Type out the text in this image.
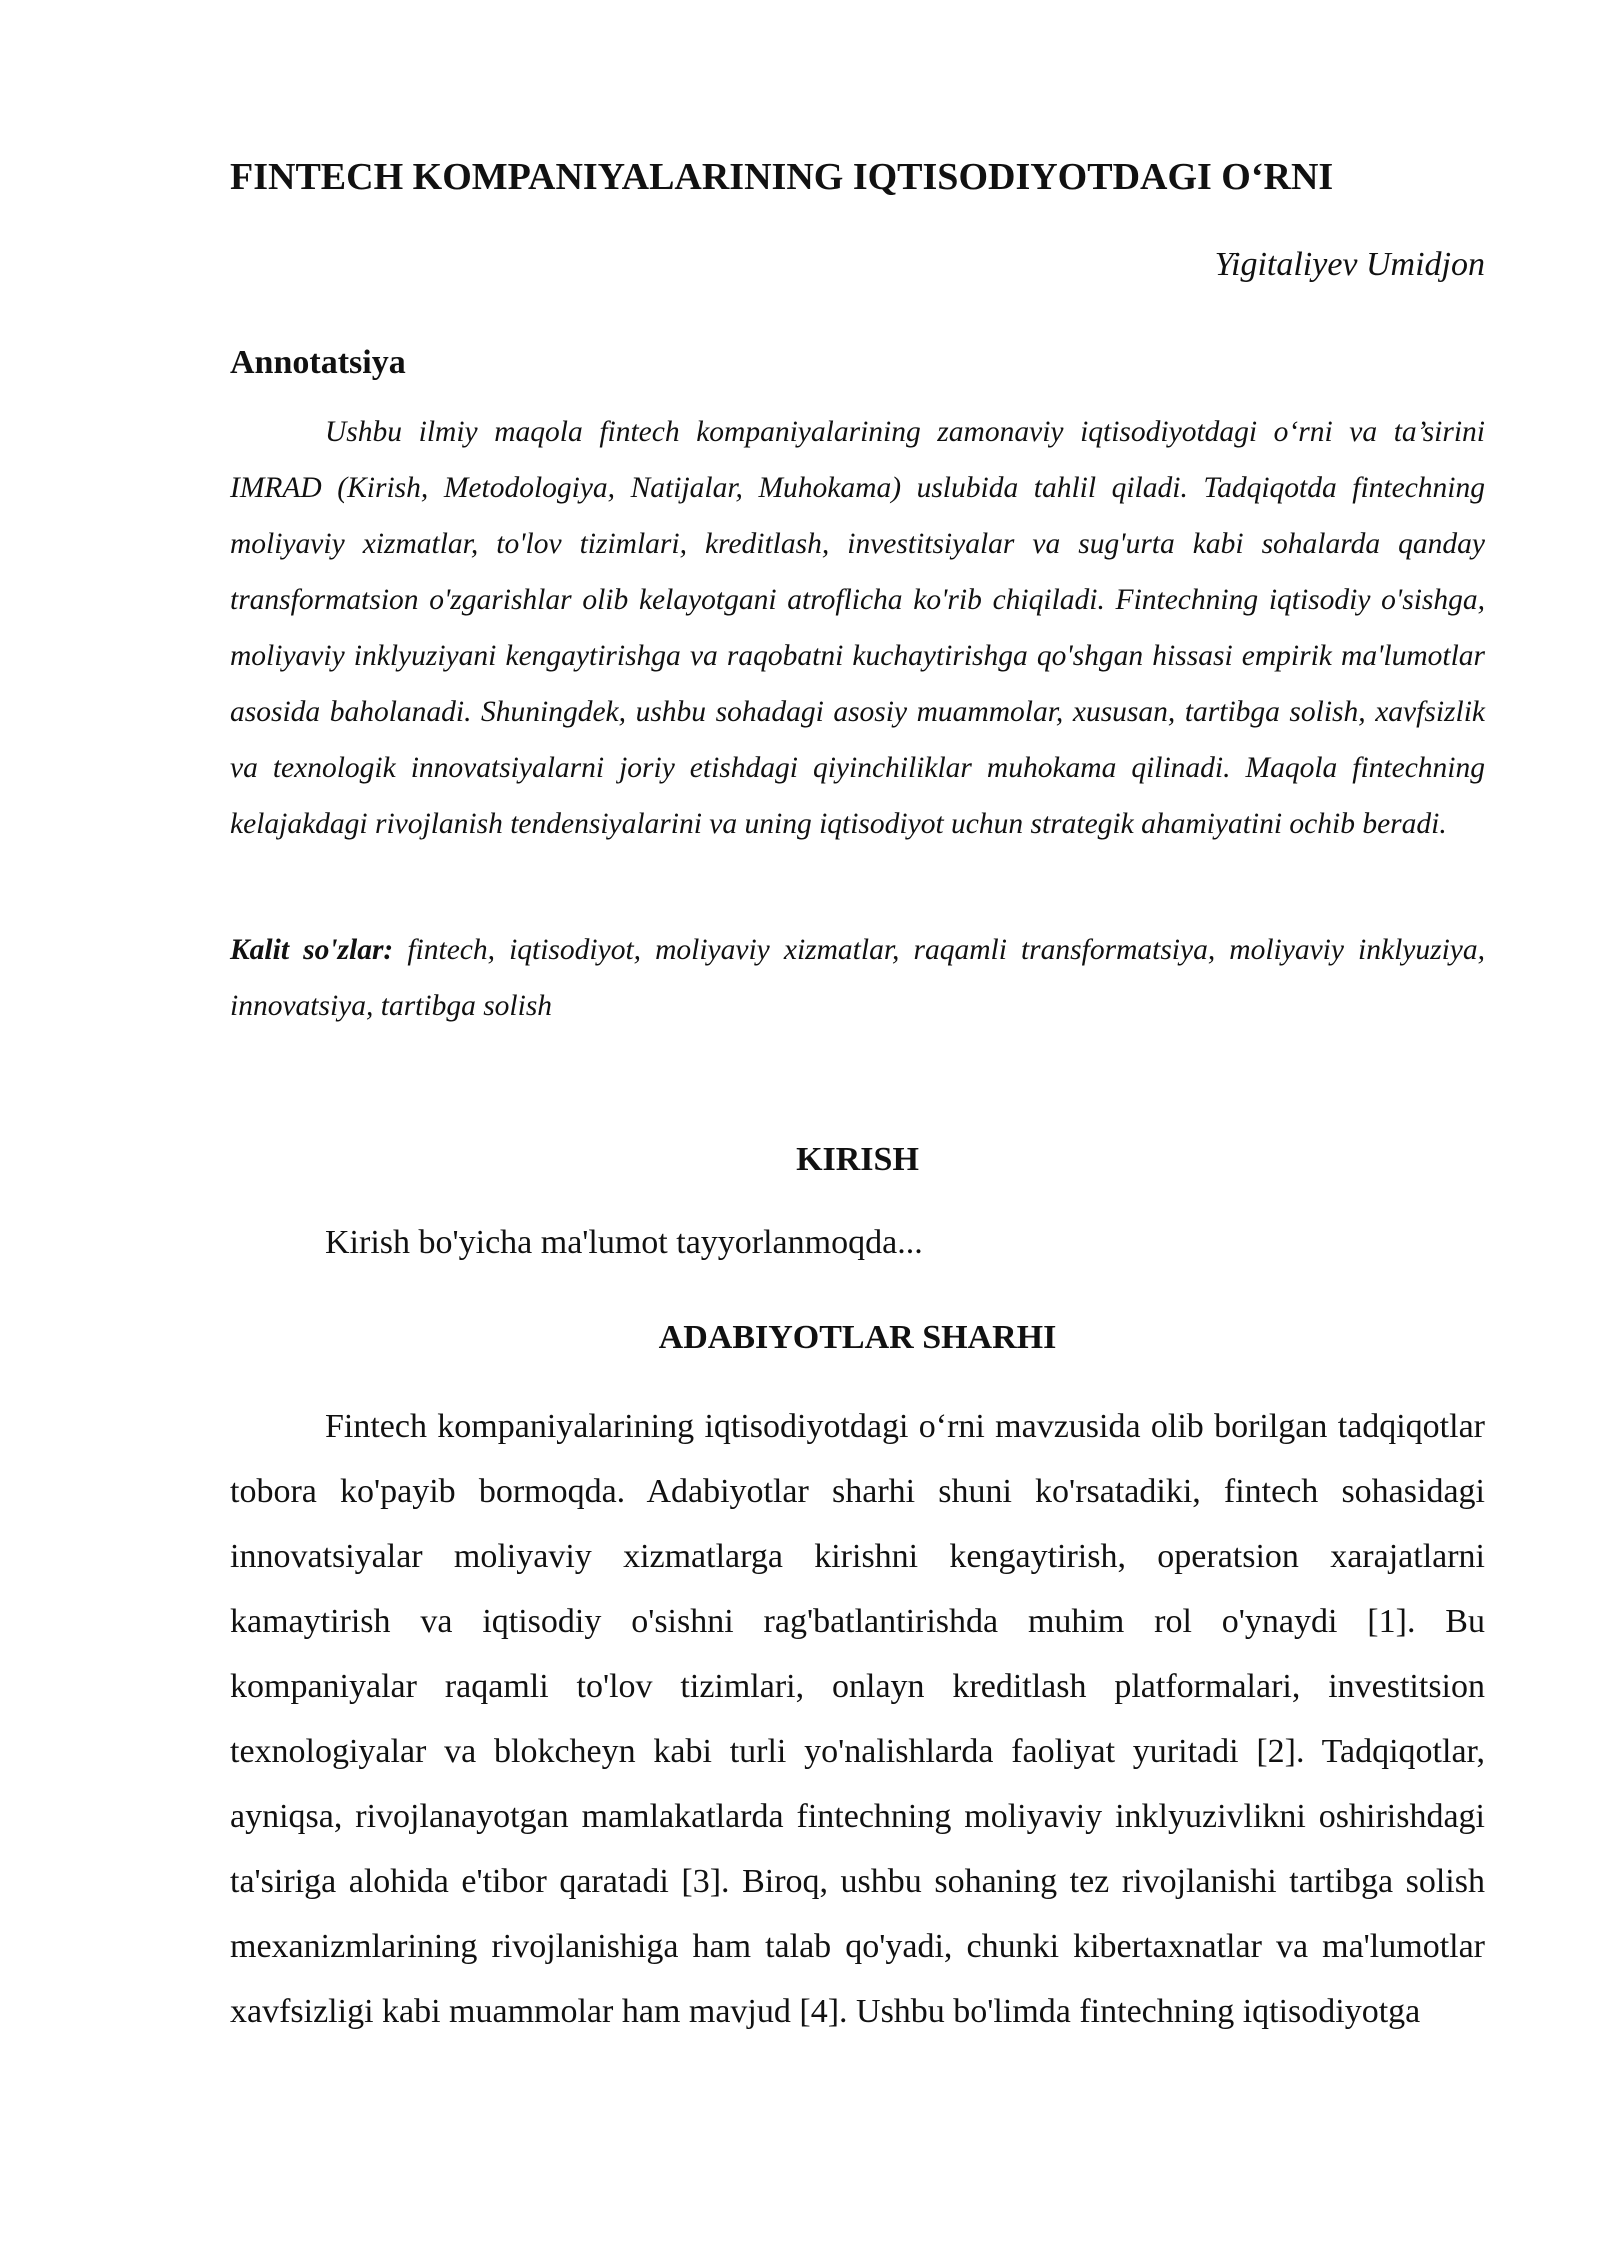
FINTECH KOMPANIYALARINING IQTISODIYOTDAGI O‘RNI

Yigitaliyev Umidjon

Annotatsiya

Ushbu ilmiy maqola fintech kompaniyalarining zamonaviy iqtisodiyotdagi o‘rni va ta’sirini IMRAD (Kirish, Metodologiya, Natijalar, Muhokama) uslubida tahlil qiladi. Tadqiqotda fintechning moliyaviy xizmatlar, to'lov tizimlari, kreditlash, investitsiyalar va sug'urta kabi sohalarda qanday transformatsion o'zgarishlar olib kelayotgani atroflicha ko'rib chiqiladi. Fintechning iqtisodiy o'sishga, moliyaviy inklyuziyani kengaytirishga va raqobatni kuchaytirishga qo'shgan hissasi empirik ma'lumotlar asosida baholanadi. Shuningdek, ushbu sohadagi asosiy muammolar, xususan, tartibga solish, xavfsizlik va texnologik innovatsiyalarni joriy etishdagi qiyinchiliklar muhokama qilinadi. Maqola fintechning kelajakdagi rivojlanish tendensiyalarini va uning iqtisodiyot uchun strategik ahamiyatini ochib beradi.

Kalit so'zlar: fintech, iqtisodiyot, moliyaviy xizmatlar, raqamli transformatsiya, moliyaviy inklyuziya, innovatsiya, tartibga solish

KIRISH

Kirish bo'yicha ma'lumot tayyorlanmoqda...

ADABIYOTLAR SHARHI

Fintech kompaniyalarining iqtisodiyotdagi o‘rni mavzusida olib borilgan tadqiqotlar tobora ko'payib bormoqda. Adabiyotlar sharhi shuni ko'rsatadiki, fintech sohasidagi innovatsiyalar moliyaviy xizmatlarga kirishni kengaytirish, operatsion xarajatlarni kamaytirish va iqtisodiy o'sishni rag'batlantirishda muhim rol o'ynaydi [1]. Bu kompaniyalar raqamli to'lov tizimlari, onlayn kreditlash platformalari, investitsion texnologiyalar va blokcheyn kabi turli yo'nalishlarda faoliyat yuritadi [2]. Tadqiqotlar, ayniqsa, rivojlanayotgan mamlakatlarda fintechning moliyaviy inklyuzivlikni oshirishdagi ta'siriga alohida e'tibor qaratadi [3]. Biroq, ushbu sohaning tez rivojlanishi tartibga solish mexanizmlarining rivojlanishiga ham talab qo'yadi, chunki kibertaxnatlar va ma'lumotlar xavfsizligi kabi muammolar ham mavjud [4]. Ushbu bo'limda fintechning iqtisodiyotga
